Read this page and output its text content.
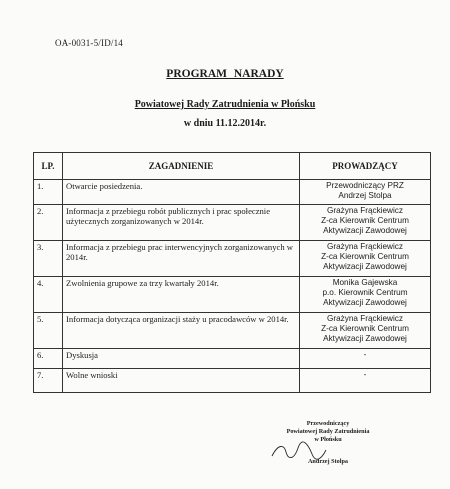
OA-0031-5/ID/14
PROGRAM NARADY
Powiatowej Rady Zatrudnienia w Płońsku
w dniu 11.12.2014r.
LP.	ZAGADNIENIE	PROWADZĄCY
1.	Otwarcie posiedzenia.	Przewodniczący PRZ
Andrzej Stolpa

2.	Informacja z przebiegu robót publicznych i prac społecznie użytecznych zorganizowanych w 2014r.	Grażyna Frąckiewicz
Z-ca Kierownik Centrum
Aktywizacji Zawodowej

3.	Informacja z przebiegu prac interwencyjnych zorganizowanych w 2014r.	Grażyna Frąckiewicz
Z-ca Kierownik Centrum
Aktywizacji Zawodowej

4.	Zwolnienia grupowe za trzy kwartały 2014r.	Monika Gajewska
p.o. Kierownik Centrum
Aktywizacji Zawodowej

5.	Informacja dotycząca organizacji staży u pracodawców w 2014r.	Grażyna Frąckiewicz
Z-ca Kierownik Centrum
Aktywizacji Zawodowej

6.	Dyskusja	-

7.	Wolne wnioski	-
Przewodniczący
Powiatowej Rady Zatrudnienia
w Płońsku
Andrzej Stolpa
